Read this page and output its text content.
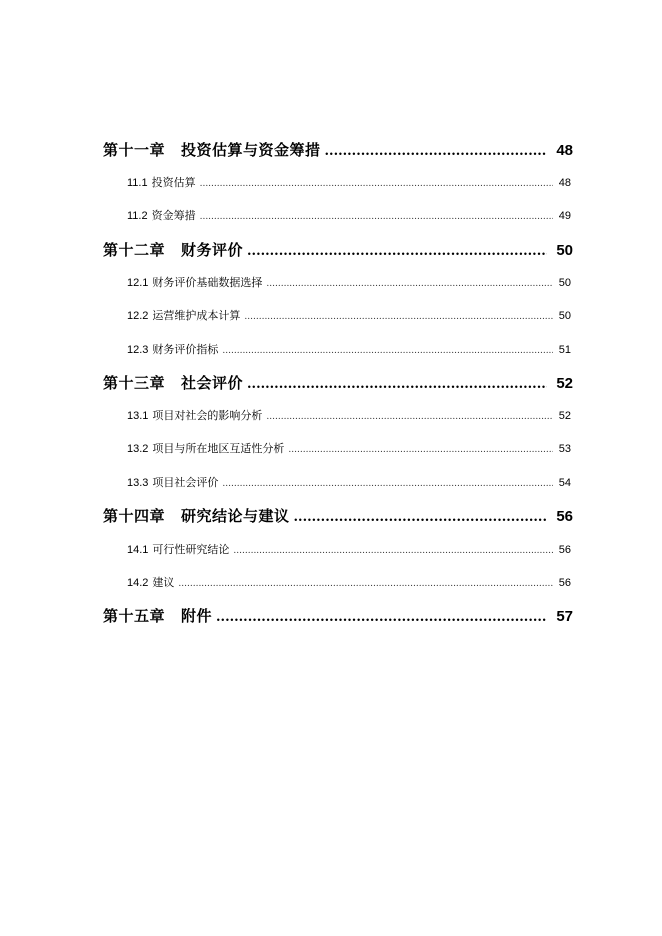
第十一章 投资估算与资金筹措 .....	48
11.1 投资估算 .....	48
11.2 资金筹措 .....	49
第十二章 财务评价 .....	50
12.1 财务评价基础数据选择 .....	50
12.2 运营维护成本计算 .....	50
12.3 财务评价指标 .....	51
第十三章 社会评价 .....	52
13.1 项目对社会的影响分析 .....	52
13.2 项目与所在地区互适性分析 .....	53
13.3 项目社会评价 .....	54
第十四章 研究结论与建议 .....	56
14.1 可行性研究结论 .....	56
14.2 建议 .....	56
第十五章 附件 .....	57
